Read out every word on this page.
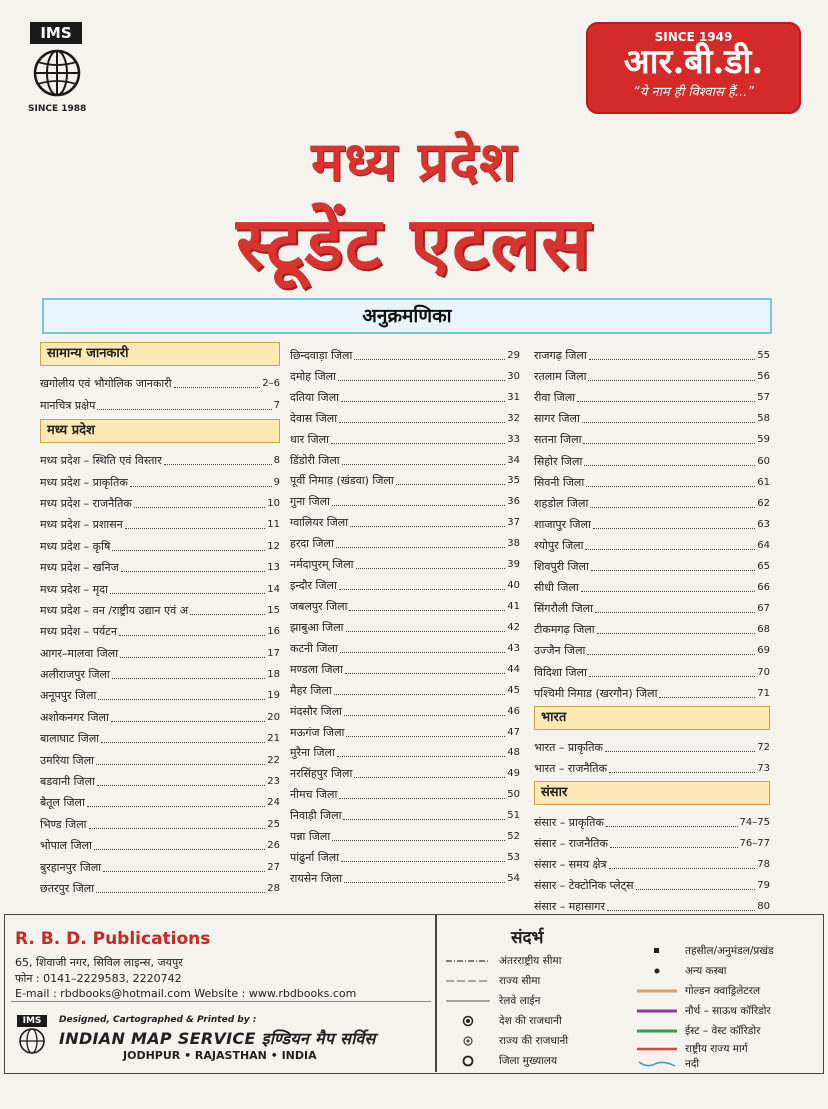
IMS
SINCE 1988
SINCE 1949
आर.बी.डी.
“ये नाम ही विश्वास हैं...”
मध्य प्रदेश
स्टूडेंट एटलस
अनुक्रमणिका
सामान्य जानकारी
खगोलीय एवं भौगोलिक जानकारी	2–6
मानचित्र प्रक्षेप	7
मध्य प्रदेश
मध्य प्रदेश – स्थिति एवं विस्तार	8
मध्य प्रदेश – प्राकृतिक	9
मध्य प्रदेश – राजनैतिक	10
मध्य प्रदेश – प्रशासन	11
मध्य प्रदेश – कृषि	12
मध्य प्रदेश – खनिज	13
मध्य प्रदेश – मृदा	14
मध्य प्रदेश – वन /राष्ट्रीय उद्यान एवं अ	15
मध्य प्रदेश – पर्यटन	16
आगर–मालवा जिला	17
अलीराजपुर जिला	18
अनूपपुर जिला	19
अशोकनगर जिला	20
बालाघाट जिला	21
उमरिया जिला	22
बडवानी जिला	23
बैतूल जिला	24
भिण्ड जिला	25
भोपाल जिला	26
बुरहानपुर जिला	27
छतरपुर जिला	28
छिन्दवाड़ा जिला	29
दमोह जिला	30
दतिया जिला	31
देवास जिला	32
धार जिला	33
डिंडोरी जिला	34
पूर्वी निमाड़ (खंडवा) जिला	35
गुना जिला	36
ग्वालियर जिला	37
हरदा जिला	38
नर्मदापुरम् जिला	39
इन्दौर जिला	40
जबलपुर जिला	41
झाबुआ जिला	42
कटनी जिला	43
मण्डला जिला	44
मैहर जिला	45
मंदसौर जिला	46
मऊगंज जिला	47
मुरैना जिला	48
नरसिंहपुर जिला	49
नीमच जिला	50
निवाड़ी जिला	51
पन्ना जिला	52
पांढुर्ना जिला	53
रायसेन जिला	54
राजगढ़ जिला	55
रतलाम जिला	56
रीवा जिला	57
सागर जिला	58
सतना जिला	59
सिहोर जिला	60
सिवनी जिला	61
शहडोल जिला	62
शाजापुर जिला	63
श्योपुर जिला	64
शिवपुरी जिला	65
सीधी जिला	66
सिंगरौली जिला	67
टीकमगढ़ जिला	68
उज्जैन जिला	69
विदिशा जिला	70
पश्चिमी निमाड (खरगौन) जिला	71
भारत
भारत – प्राकृतिक	72
भारत – राजनैतिक	73
संसार
संसार – प्राकृतिक	74–75
संसार – राजनैतिक	76–77
संसार – समय क्षेत्र	78
संसार – टेक्टोनिक प्लेट्स	79
संसार – महासागर	80
R. B. D. Publications
65, शिवाजी नगर, सिविल लाइन्स, जयपुर
फोन : 0141–2229583, 2220742
E-mail : rbdbooks@hotmail.com Website : www.rbdbooks.com
IMS	Designed, Cartographed & Printed by :
INDIAN MAP SERVICE इण्डियन मैप सर्विस
JODHPUR • RAJASTHAN • INDIA
संदर्भ
अंतरराष्ट्रीय सीमा
राज्य सीमा
रेलवे लाईन
देश की राजधानी
राज्य की राजधानी
जिला मुख्यालय
तहसील/अनुमंडल/प्रखंड
अन्य कस्बा
गोल्डन क्वाड्रिलेटरल
नौर्थ – साऊथ कॉरिडोर
ईस्ट – वेस्ट कॉरिडोर
राष्ट्रीय राज्य मार्ग
नदी
